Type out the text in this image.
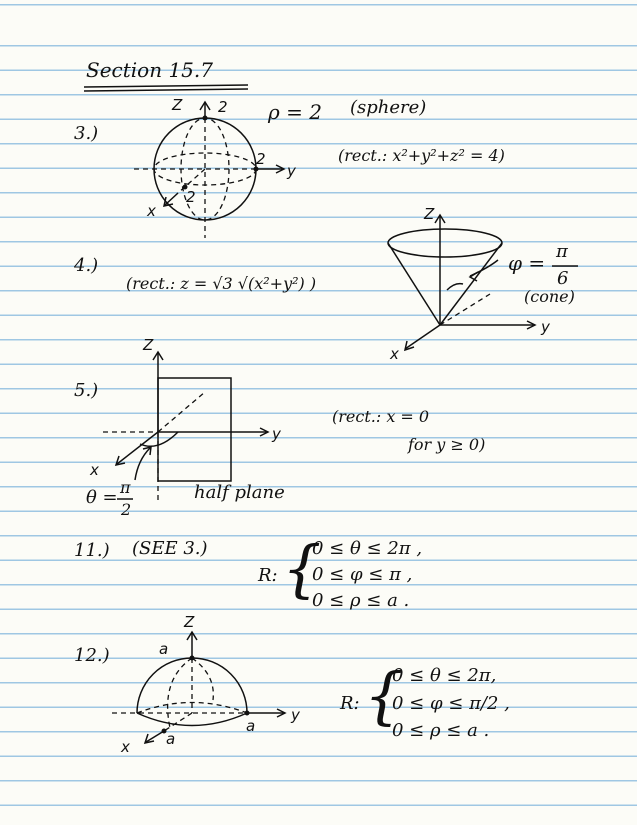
Section 15.7
3.)
ρ = 2 (sphere)
(rect.: x²+y²+z² = 4)
Z
y
x
2
2
2
4.)
(rect.: z = √3 √(x²+y²) )
φ = π
6
(cone)
Z
y
x
5.)
(rect.: x = 0
for y ≥ 0)
θ = π
2
half plane
Z
y
x
11.) (SEE 3.)
R: {
0 ≤ θ ≤ 2π ,
0 ≤ φ ≤ π ,
0 ≤ ρ ≤ a .
12.)
R: {
0 ≤ θ ≤ 2π,
0 ≤ φ ≤ π/2 ,
0 ≤ ρ ≤ a .
Z
y
x
a
a
a
